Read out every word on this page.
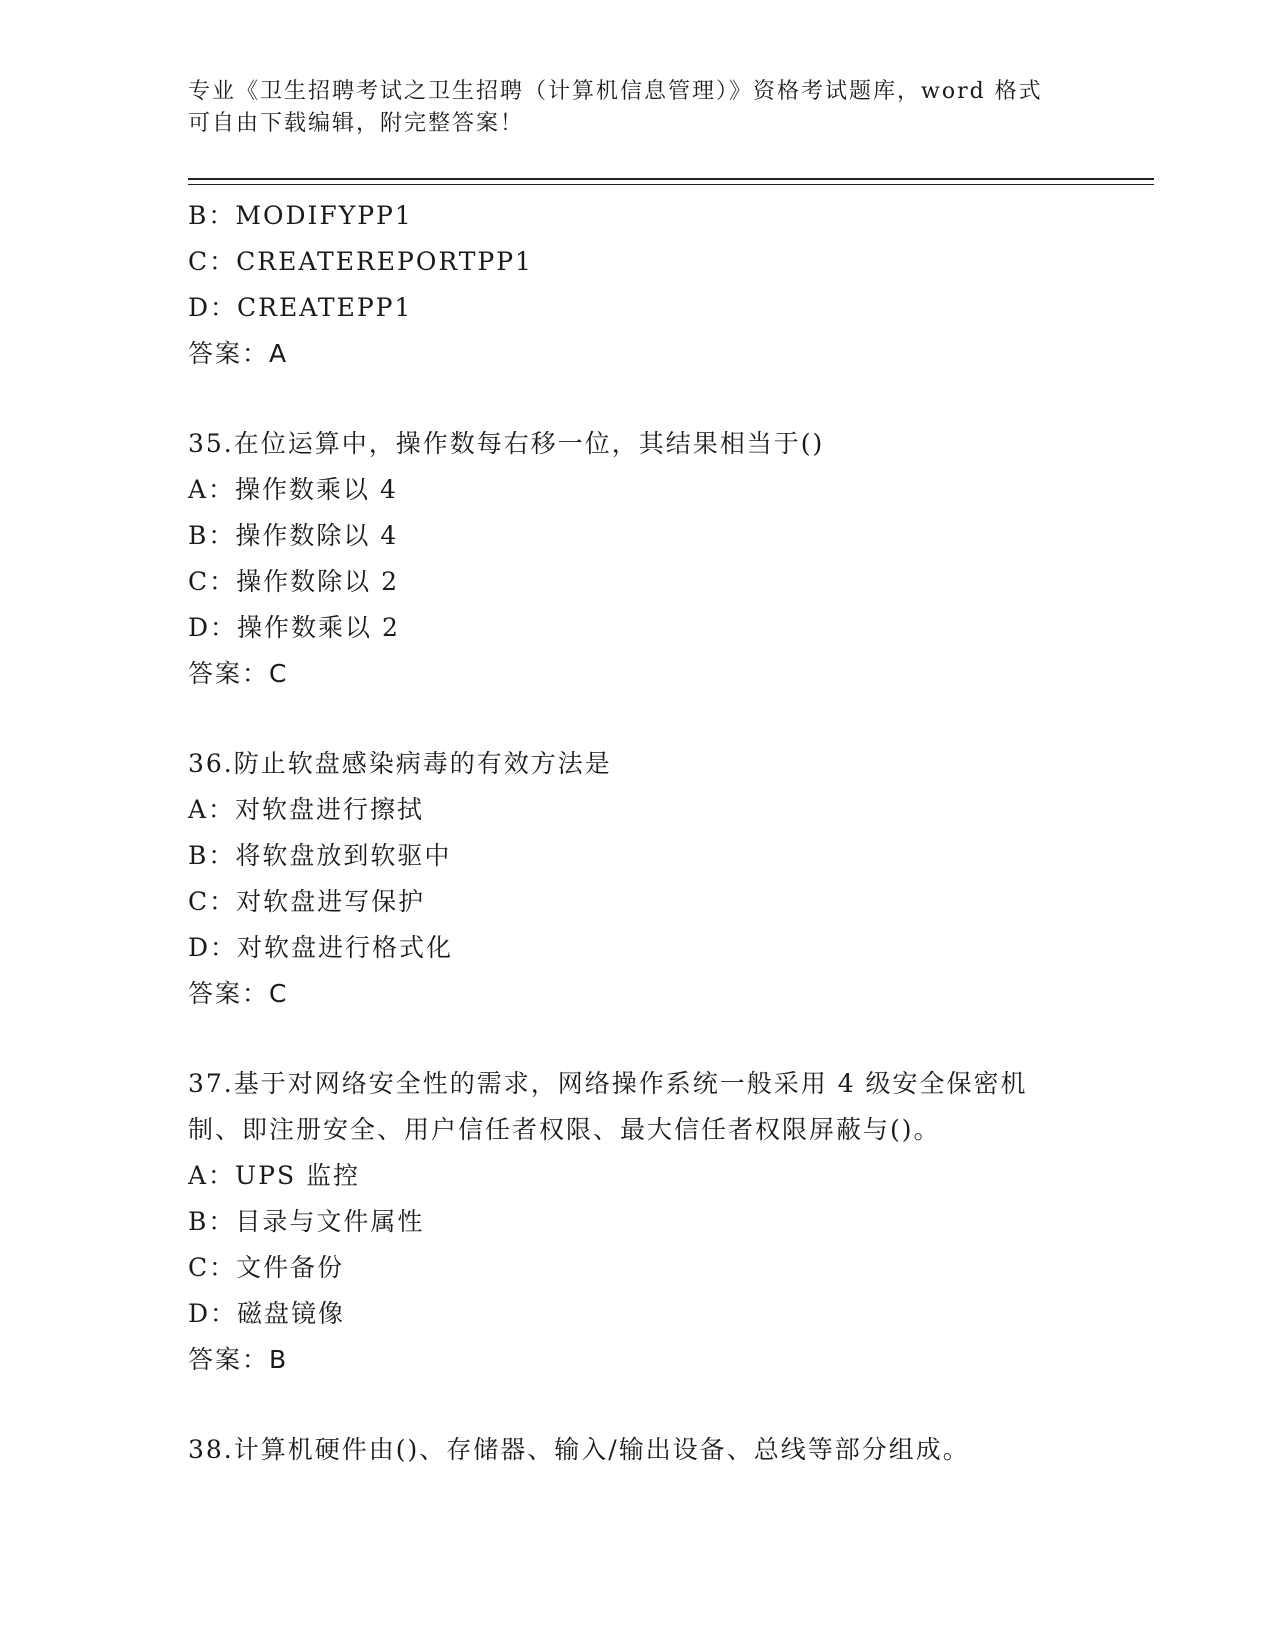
专业《卫生招聘考试之卫生招聘（计算机信息管理）》资格考试题库，word 格式
可自由下载编辑，附完整答案！
B：MODIFYPP1
C：CREATEREPORTPP1
D：CREATEPP1
答案：A
35.在位运算中，操作数每右移一位，其结果相当于()
A：操作数乘以 4
B：操作数除以 4
C：操作数除以 2
D：操作数乘以 2
答案：C
36.防止软盘感染病毒的有效方法是
A：对软盘进行擦拭
B：将软盘放到软驱中
C：对软盘进写保护
D：对软盘进行格式化
答案：C
37.基于对网络安全性的需求，网络操作系统一般采用 4 级安全保密机
制、即注册安全、用户信任者权限、最大信任者权限屏蔽与()。
A：UPS 监控
B：目录与文件属性
C：文件备份
D：磁盘镜像
答案：B
38.计算机硬件由()、存储器、输入/输出设备、总线等部分组成。
